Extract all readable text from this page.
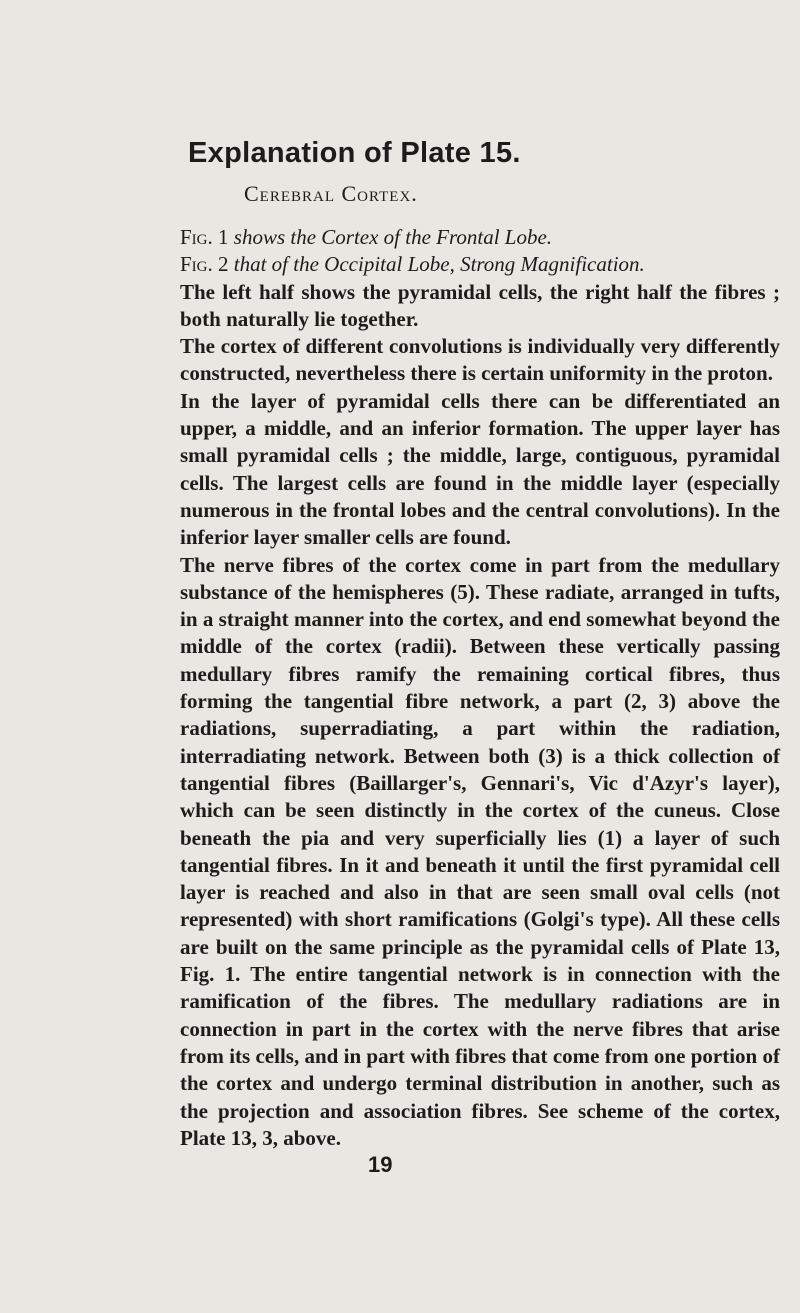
Explanation of Plate 15.
Cerebral Cortex.
Fig. 1 shows the Cortex of the Frontal Lobe.
Fig. 2 that of the Occipital Lobe, Strong Magnification.

The left half shows the pyramidal cells, the right half the fibres ; both naturally lie together.

The cortex of different convolutions is individually very differently constructed, nevertheless there is certain uniformity in the proton.

In the layer of pyramidal cells there can be differentiated an upper, a middle, and an inferior formation. The upper layer has small pyramidal cells ; the middle, large, contiguous, pyramidal cells. The largest cells are found in the middle layer (especially numerous in the frontal lobes and the central convolutions). In the inferior layer smaller cells are found.

The nerve fibres of the cortex come in part from the medullary substance of the hemispheres (5). These radiate, arranged in tufts, in a straight manner into the cortex, and end somewhat beyond the middle of the cortex (radii). Between these vertically passing medullary fibres ramify the remaining cortical fibres, thus forming the tangential fibre network, a part (2, 3) above the radiations, superradiating, a part within the radiation, interradiating network. Between both (3) is a thick collection of tangential fibres (Baillarger's, Gennari's, Vic d'Azyr's layer), which can be seen distinctly in the cortex of the cuneus. Close beneath the pia and very superficially lies (1) a layer of such tangential fibres. In it and beneath it until the first pyramidal cell layer is reached and also in that are seen small oval cells (not represented) with short ramifications (Golgi's type). All these cells are built on the same principle as the pyramidal cells of Plate 13, Fig. 1. The entire tangential network is in connection with the ramification of the fibres. The medullary radiations are in connection in part in the cortex with the nerve fibres that arise from its cells, and in part with fibres that come from one portion of the cortex and undergo terminal distribution in another, such as the projection and association fibres. See scheme of the cortex, Plate 13, 3, above.

19
